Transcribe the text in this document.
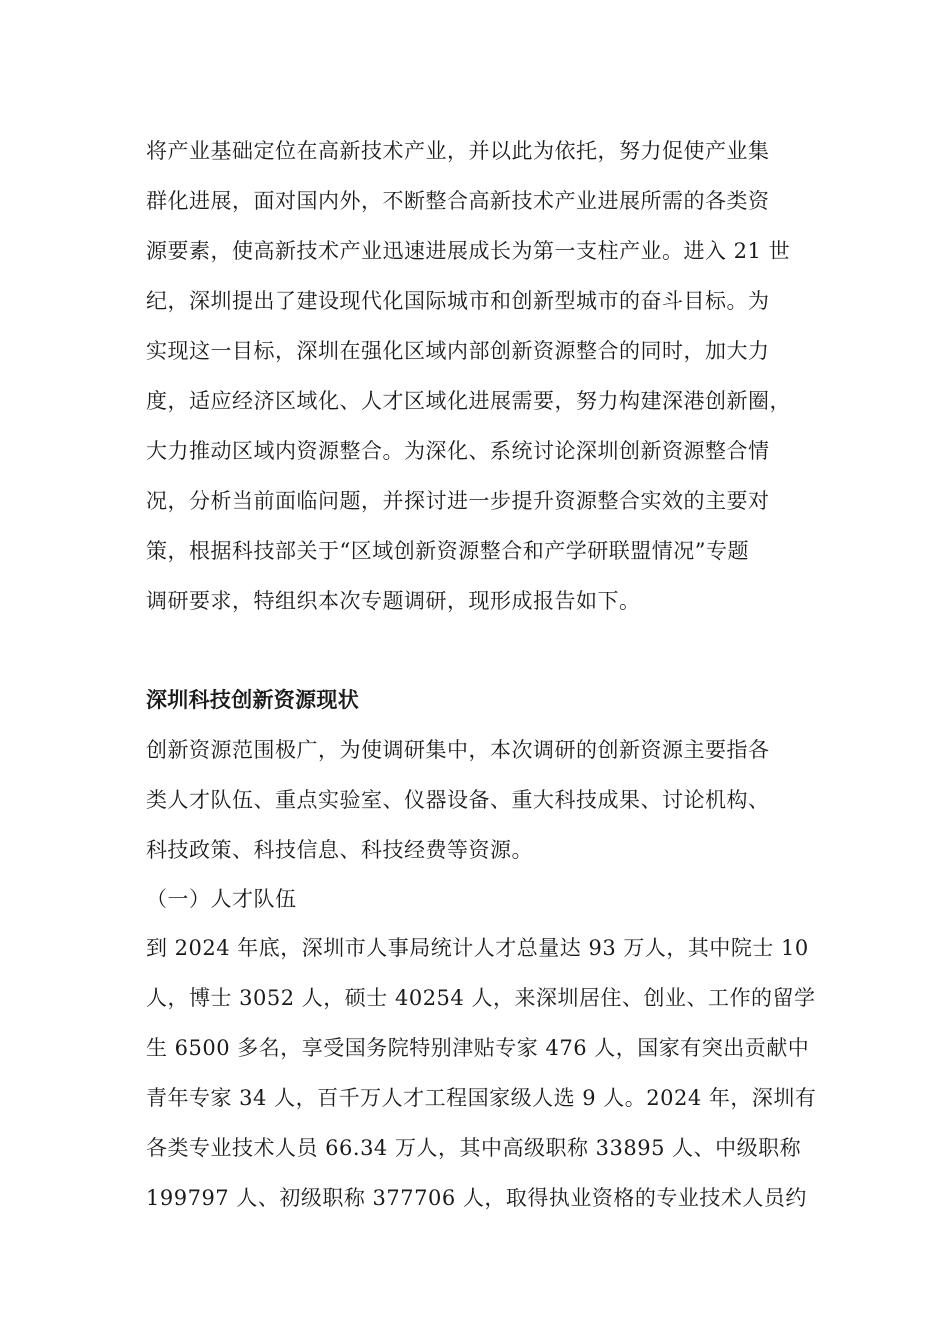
将产业基础定位在高新技术产业，并以此为依托，努力促使产业集
群化进展，面对国内外，不断整合高新技术产业进展所需的各类资
源要素，使高新技术产业迅速进展成长为第一支柱产业。进入 21 世
纪，深圳提出了建设现代化国际城市和创新型城市的奋斗目标。为
实现这一目标，深圳在强化区域内部创新资源整合的同时，加大力
度，适应经济区域化、人才区域化进展需要，努力构建深港创新圈，
大力推动区域内资源整合。为深化、系统讨论深圳创新资源整合情
况，分析当前面临问题，并探讨进一步提升资源整合实效的主要对
策，根据科技部关于“区域创新资源整合和产学研联盟情况”专题
调研要求，特组织本次专题调研，现形成报告如下。
深圳科技创新资源现状
创新资源范围极广，为使调研集中，本次调研的创新资源主要指各
类人才队伍、重点实验室、仪器设备、重大科技成果、讨论机构、
科技政策、科技信息、科技经费等资源。
（一）人才队伍
到 2024 年底，深圳市人事局统计人才总量达 93 万人，其中院士 10
人，博士 3052 人，硕士 40254 人，来深圳居住、创业、工作的留学
生 6500 多名，享受国务院特别津贴专家 476 人，国家有突出贡献中
青年专家 34 人，百千万人才工程国家级人选 9 人。2024 年，深圳有
各类专业技术人员 66.34 万人，其中高级职称 33895 人、中级职称
199797 人、初级职称 377706 人，取得执业资格的专业技术人员约
